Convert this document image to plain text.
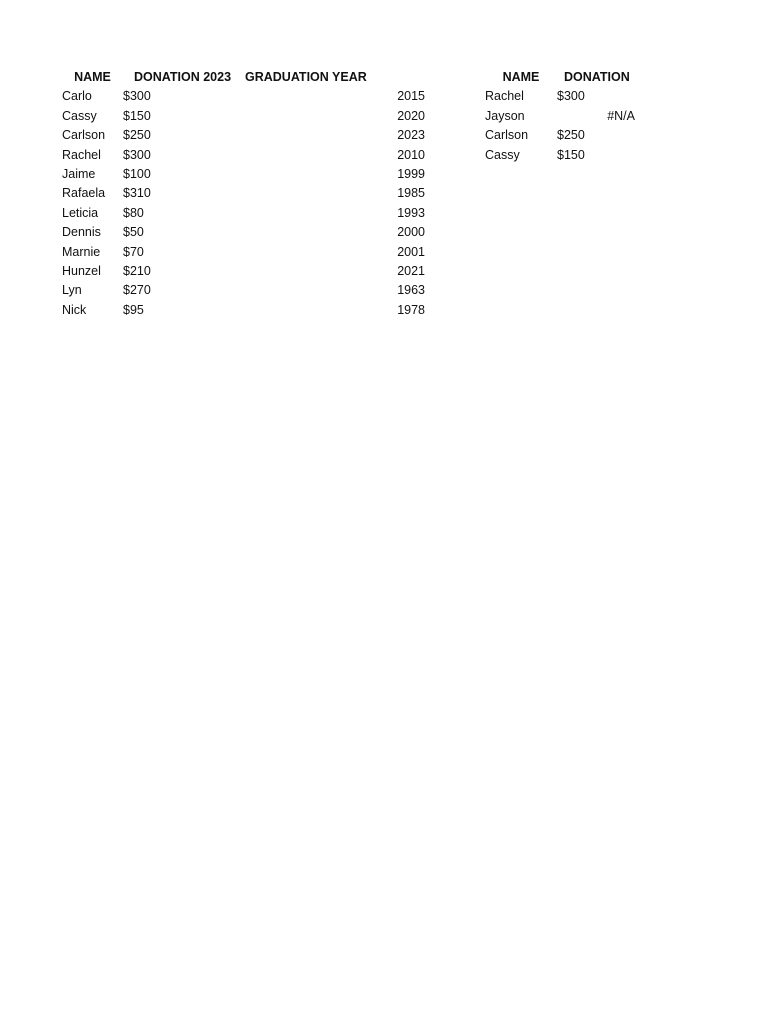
NAME	DONATION 2023	GRADUATION YEAR
Carlo	$300	2015
Cassy	$150	2020
Carlson	$250	2023
Rachel	$300	2010
Jaime	$100	1999
Rafaela	$310	1985
Leticia	$80	1993
Dennis	$50	2000
Marnie	$70	2001
Hunzel	$210	2021
Lyn	$270	1963
Nick	$95	1978
NAME	DONATION
Rachel	$300
Jayson	#N/A
Carlson	$250
Cassy	$150
